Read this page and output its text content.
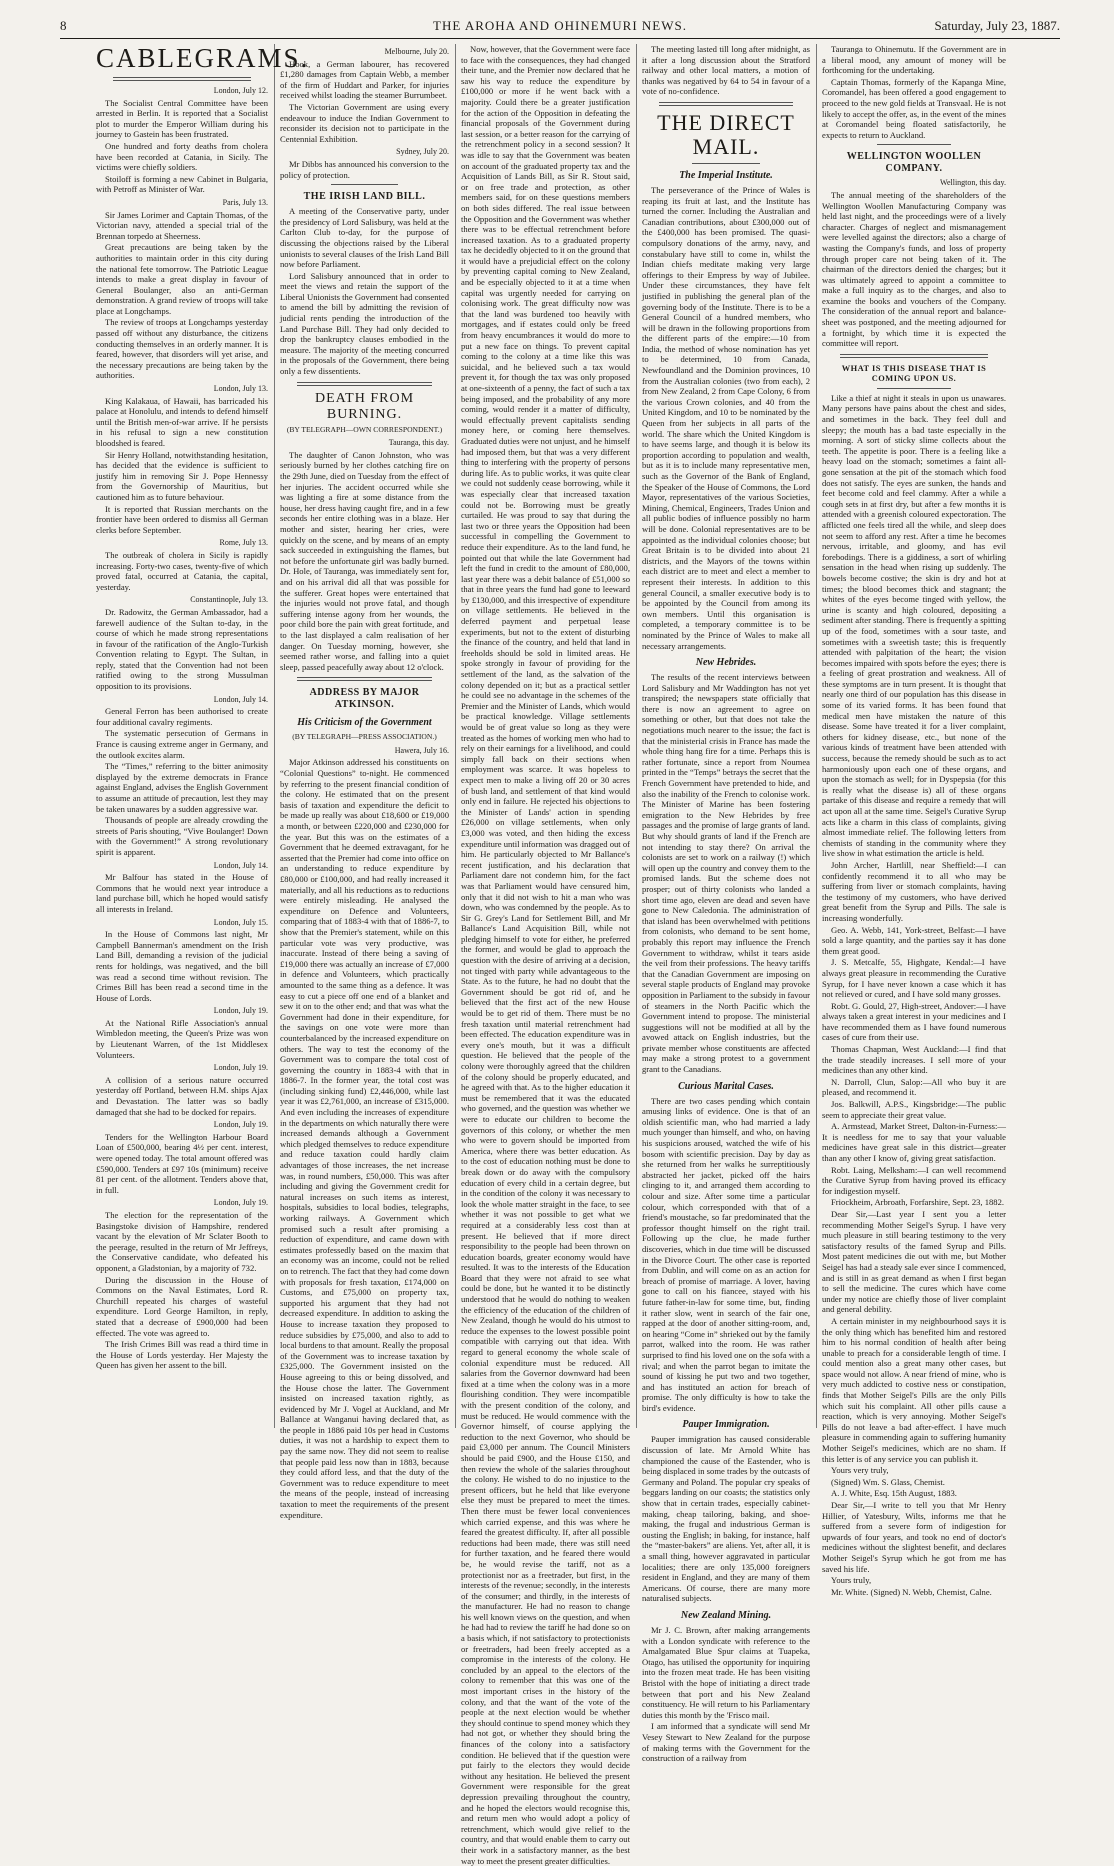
8	THE AROHA AND OHINEMURI NEWS.	Saturday, July 23, 1887.
CABLEGRAMS.
London, July 12.

The Socialist Central Committee have been arrested in Berlin. It is reported that a Socialist plot to murder the Emperor William during his journey to Gastein has been frustrated.

One hundred and forty deaths from cholera have been recorded at Catania, in Sicily. The victims were chiefly soldiers.

Stoiloff is forming a new Cabinet in Bulgaria, with Petroff as Minister of War.

Paris, July 13.

Sir James Lorimer and Captain Thomas, of the Victorian navy, attended a special trial of the Brennan torpedo at Sheerness.

Great precautions are being taken by the authorities to maintain order in this city during the national fete tomorrow. The Patriotic League intends to make a great display in favour of General Boulanger, also an anti-German demonstration. A grand review of troops will take place at Longchamps.

The review of troops at Longchamps yesterday passed off without any disturbance, the citizens conducting themselves in an orderly manner. It is feared, however, that disorders will yet arise, and the necessary precautions are being taken by the authorities.

London, July 13.

King Kalakaua, of Hawaii, has barricaded his palace at Honolulu, and intends to defend himself until the British men-of-war arrive. If he persists in his refusal to sign a new constitution bloodshed is feared.

Sir Henry Holland, notwithstanding hesitation, has decided that the evidence is sufficient to justify him in removing Sir J. Pope Hennessy from the Governorship of Mauritius, but cautioned him as to future behaviour.

It is reported that Russian merchants on the frontier have been ordered to dismiss all German clerks before September.

Rome, July 13.

The outbreak of cholera in Sicily is rapidly increasing. Forty-two cases, twenty-five of which proved fatal, occurred at Catania, the capital, yesterday.

Constantinople, July 13.

Dr. Radowitz, the German Ambassador, had a farewell audience of the Sultan to-day, in the course of which he made strong representations in favour of the ratification of the Anglo-Turkish Convention relating to Egypt. The Sultan, in reply, stated that the Convention had not been ratified owing to the strong Mussulman opposition to its provisions.

London, July 14.

General Ferron has been authorised to create four additional cavalry regiments.

The systematic persecution of Germans in France is causing extreme anger in Germany, and the outlook excites alarm.

The “Times,” referring to the bitter animosity displayed by the extreme democrats in France against England, advises the English Government to assume an attitude of precaution, lest they may be taken unawares by a sudden aggressive war.

Thousands of people are already crowding the streets of Paris shouting, “Vive Boulanger! Down with the Government!” A strong revolutionary spirit is apparent.

London, July 14.

Mr Balfour has stated in the House of Commons that he would next year introduce a land purchase bill, which he hoped would satisfy all interests in Ireland.

London, July 15.

In the House of Commons last night, Mr Campbell Bannerman's amendment on the Irish Land Bill, demanding a revision of the judicial rents for holdings, was negatived, and the bill was read a second time without revision. The Crimes Bill has been read a second time in the House of Lords.

London, July 19.

At the National Rifle Association's annual Wimbledon meeting, the Queen's Prize was won by Lieutenant Warren, of the 1st Middlesex Volunteers.

London, July 19.

A collision of a serious nature occurred yesterday off Portland, between H.M. ships Ajax and Devastation. The latter was so badly damaged that she had to be docked for repairs.

London, July 19.

Tenders for the Wellington Harbour Board Loan of £500,000, bearing 4½ per cent. interest, were opened today. The total amount offered was £590,000. Tenders at £97 10s (minimum) receive 81 per cent. of the allotment. Tenders above that, in full.

London, July 19.

The election for the representation of the Basingstoke division of Hampshire, rendered vacant by the elevation of Mr Sclater Booth to the peerage, resulted in the return of Mr Jeffreys, the Conservative candidate, who defeated his opponent, a Gladstonian, by a majority of 732.

During the discussion in the House of Commons on the Naval Estimates, Lord R. Churchill repeated his charges of wasteful expenditure. Lord George Hamilton, in reply, stated that a decrease of £900,000 had been effected. The vote was agreed to.

The Irish Crimes Bill was read a third time in the House of Lords yesterday. Her Majesty the Queen has given her assent to the bill.

Melbourne, July 20.

Hook, a German labourer, has recovered £1,280 damages from Captain Webb, a member of the firm of Huddart and Parker, for injuries received whilst loading the steamer Burrumbeet.

The Victorian Government are using every endeavour to induce the Indian Government to reconsider its decision not to participate in the Centennial Exhibition.

Sydney, July 20.

Mr Dibbs has announced his conversion to the policy of protection.

THE IRISH LAND BILL.

A meeting of the Conservative party, under the presidency of Lord Salisbury, was held at the Carlton Club to-day, for the purpose of discussing the objections raised by the Liberal unionists to several clauses of the Irish Land Bill now before Parliament.

Lord Salisbury announced that in order to meet the views and retain the support of the Liberal Unionists the Government had consented to amend the bill by admitting the revision of judicial rents pending the introduction of the Land Purchase Bill. They had only decided to drop the bankruptcy clauses embodied in the measure. The majority of the meeting concurred in the proposals of the Government, there being only a few dissentients.

DEATH FROM BURNING.
(BY TELEGRAPH—OWN CORRESPONDENT.)
Tauranga, this day.

The daughter of Canon Johnston, who was seriously burned by her clothes catching fire on the 29th June, died on Tuesday from the effect of her injuries. The accident occurred while she was lighting a fire at some distance from the house, her dress having caught fire, and in a few seconds her entire clothing was in a blaze. Her mother and sister, hearing her cries, were quickly on the scene, and by means of an empty sack succeeded in extinguishing the flames, but not before the unfortunate girl was badly burned. Dr. Hole, of Tauranga, was immediately sent for, and on his arrival did all that was possible for the sufferer. Great hopes were entertained that the injuries would not prove fatal, and though suffering intense agony from her wounds, the poor child bore the pain with great fortitude, and to the last displayed a calm realisation of her danger. On Tuesday morning, however, she seemed rather worse, and falling into a quiet sleep, passed peacefully away about 12 o'clock.

ADDRESS BY MAJOR ATKINSON.
His Criticism of the Government
(BY TELEGRAPH—PRESS ASSOCIATION.)
Hawera, July 16.

Major Atkinson addressed his constituents on “Colonial Questions” to-night. He commenced by referring to the present financial condition of the colony. He estimated that on the present basis of taxation and expenditure the deficit to be made up really was about £18,600 or £19,000 a month, or between £220,000 and £230,000 for the year. But this was on the estimates of a Government that he deemed extravagant, for he asserted that the Premier had come into office on an understanding to reduce expenditure by £80,000 or £100,000, and had really increased it materially, and all his reductions as to reductions were entirely misleading. He analysed the expenditure on Defence and Volunteers, comparing that of 1883-4 with that of 1886-7, to show that the Premier's statement, while on this particular vote was very productive, was inaccurate. Instead of there being a saving of £19,000 there was actually an increase of £7,000 in defence and Volunteers, which practically amounted to the same thing as a defence. It was easy to cut a piece off one end of a blanket and sew it on to the other end; and that was what the Government had done in their expenditure, for the savings on one vote were more than counterbalanced by the increased expenditure on others. The way to test the economy of the Government was to compare the total cost of governing the country in 1883-4 with that in 1886-7. In the former year, the total cost was (including sinking fund) £2,446,000, while last year it was £2,761,000, an increase of £315,000. And even including the increases of expenditure in the departments on which naturally there were increased demands although a Government which pledged themselves to reduce expenditure and reduce taxation could hardly claim advantages of those increases, the net increase was, in round numbers, £50,000. This was after including and giving the Government credit for natural increases on such items as interest, hospitals, subsidies to local bodies, telegraphs, working railways. A Government which promised such a result after promising a reduction of expenditure, and came down with estimates professedly based on the maxim that an economy was an income, could not be relied on to retrench. The fact that they had come down with proposals for fresh taxation, £174,000 on Customs, and £75,000 on property tax, supported his argument that they had not decreased expenditure. In addition to asking the House to increase taxation they proposed to reduce subsidies by £75,000, and also to add to local burdens to that amount. Really the proposal of the Government was to increase taxation by £325,000. The Government insisted on the House agreeing to this or being dissolved, and the House chose the latter. The Government insisted on increased taxation rightly, as evidenced by Mr J. Vogel at Auckland, and Mr Ballance at Wanganui having declared that, as the people in 1886 paid 10s per head in Customs duties, it was not a hardship to expect them to pay the same now. They did not seem to realise that people paid less now than in 1883, because they could afford less, and that the duty of the Government was to reduce expenditure to meet the means of the people, instead of increasing taxation to meet the requirements of the present expenditure.

Now, however, that the Government were face to face with the consequences, they had changed their tune, and the Premier now declared that he saw his way to reduce the expenditure by £100,000 or more if he went back with a majority. Could there be a greater justification for the action of the Opposition in defeating the financial proposals of the Government during last session, or a better reason for the carrying of the retrenchment policy in a second session? It was idle to say that the Government was beaten on account of the graduated property tax and the Acquisition of Lands Bill, as Sir R. Stout said, or on free trade and protection, as other members said, for on these questions members on both sides differed. The real issue between the Opposition and the Government was whether there was to be effectual retrenchment before increased taxation. As to a graduated property tax he decidedly objected to it on the ground that it would have a prejudicial effect on the colony by preventing capital coming to New Zealand, and be especially objected to it at a time when capital was urgently needed for carrying on colonising work. The great difficulty now was that the land was burdened too heavily with mortgages, and if estates could only be freed from heavy encumbrances it would do more to put a new face on things. To prevent capital coming to the colony at a time like this was suicidal, and he believed such a tax would prevent it, for though the tax was only proposed at one-sixteenth of a penny, the fact of such a tax being imposed, and the probability of any more coming, would render it a matter of difficulty, would effectually prevent capitalists sending money here, or coming here themselves. Graduated duties were not unjust, and he himself had imposed them, but that was a very different thing to interfering with the property of persons during life. As to public works, it was quite clear we could not suddenly cease borrowing, while it was especially clear that increased taxation could not be. Borrowing must be greatly curtailed. He was proud to say that during the last two or three years the Opposition had been successful in compelling the Government to reduce their expenditure. As to the land fund, he pointed out that while the late Government had left the fund in credit to the amount of £80,000, last year there was a debit balance of £51,000 so that in three years the fund had gone to leeward by £130,000, and this irrespective of expenditure on village settlements. He believed in the deferred payment and perpetual lease experiments, but not to the extent of disturbing the finance of the country, and held that land in freeholds should be sold in limited areas. He spoke strongly in favour of providing for the settlement of the land, as the salvation of the colony depended on it; but as a practical settler he could see no advantage in the schemes of the Premier and the Minister of Lands, which would be practical knowledge. Village settlements would be of great value so long as they were treated as the homes of working men who had to rely on their earnings for a livelihood, and could simply fall back on their sections when employment was scarce. It was hopeless to expect men to make a living off 20 or 30 acres of bush land, and settlement of that kind would only end in failure. He rejected his objections to the Minister of Lands' action in spending £26,000 on village settlements, when only £3,000 was voted, and then hiding the excess expenditure until information was dragged out of him. He particularly objected to Mr Ballance's recent justification, and his declaration that Parliament dare not condemn him, for the fact was that Parliament would have censured him, only that it did not wish to hit a man who was down, who was condemned by the people. As to Sir G. Grey's Land for Settlement Bill, and Mr Ballance's Land Acquisition Bill, while not pledging himself to vote for either, he preferred the former, and would be glad to approach the question with the desire of arriving at a decision, not tinged with party while advantageous to the State. As to the future, he had no doubt that the Government should be got rid of, and he believed that the first act of the new House would be to get rid of them. There must be no fresh taxation until material retrenchment had been effected. The education expenditure was in every one's mouth, but it was a difficult question. He believed that the people of the colony were thoroughly agreed that the children of the colony should be properly educated, and he agreed with that. As to the higher education it must be remembered that it was the educated who governed, and the question was whether we were to educate our children to become the governors of this colony, or whether the men who were to govern should be imported from America, where there was better education. As to the cost of education nothing must be done to break down or do away with the compulsory education of every child in a certain degree, but in the condition of the colony it was necessary to look the whole matter straight in the face, to see whether it was not possible to get what we required at a considerably less cost than at present. He believed that if more direct responsibility to the people had been thrown on education boards, greater economy would have resulted. It was to the interests of the Education Board that they were not afraid to see what could be done, but he wanted it to be distinctly understood that he would do nothing to weaken the efficiency of the education of the children of New Zealand, though he would do his utmost to reduce the expenses to the lowest possible point compatible with carrying out that idea. With regard to general economy the whole scale of colonial expenditure must be reduced. All salaries from the Governor downward had been fixed at a time when the colony was in a more flourishing condition. They were incompatible with the present condition of the colony, and must be reduced. He would commence with the Governor himself, of course applying the reduction to the next Governor, who should be paid £3,000 per annum. The Council Ministers should be paid £900, and the House £150, and then review the whole of the salaries throughout the colony. He wished to do no injustice to the present officers, but he held that like everyone else they must be prepared to meet the times. Then there must be fewer local conveniences which carried expense, and this was where he feared the greatest difficulty. If, after all possible reductions had been made, there was still need for further taxation, and he feared there would be, he would revise the tariff, not as a protectionist nor as a freetrader, but first, in the interests of the revenue; secondly, in the interests of the consumer; and thirdly, in the interests of the manufacturer. He had no reason to change his well known views on the question, and when he had had to review the tariff he had done so on a basis which, if not satisfactory to protectionists or freetraders, had been freely accepted as a compromise in the interests of the colony. He concluded by an appeal to the electors of the colony to remember that this was one of the most important crises in the history of the colony, and that the want of the vote of the people at the next election would be whether they should continue to spend money which they had not got, or whether they should bring the finances of the colony into a satisfactory condition. He believed that if the question were put fairly to the electors they would decide without any hesitation. He believed the present Government were responsible for the great depression prevailing throughout the country, and he hoped the electors would recognise this, and return men who would adopt a policy of retrenchment, which would give relief to the country, and that would enable them to carry out their work in a satisfactory manner, as the best way to meet the present greater difficulties.

The meeting lasted till long after midnight, as it after a long discussion about the Stratford railway and other local matters, a motion of thanks was negatived by 64 to 54 in favour of a vote of no-confidence.

THE DIRECT MAIL.
The Imperial Institute.

The perseverance of the Prince of Wales is reaping its fruit at last, and the Institute has turned the corner. Including the Australian and Canadian contributions, about £300,000 out of the £400,000 has been promised. The quasi-compulsory donations of the army, navy, and constabulary have still to come in, whilst the Indian chiefs meditate making very large offerings to their Empress by way of Jubilee. Under these circumstances, they have felt justified in publishing the general plan of the governing body of the Institute. There is to be a General Council of a hundred members, who will be drawn in the following proportions from the different parts of the empire:—10 from India, the method of whose nomination has yet to be determined, 10 from Canada, Newfoundland and the Dominion provinces, 10 from the Australian colonies (two from each), 2 from New Zealand, 2 from Cape Colony, 6 from the various Crown colonies, and 40 from the United Kingdom, and 10 to be nominated by the Queen from her subjects in all parts of the world. The share which the United Kingdom is to have seems large, and though it is below its proportion according to population and wealth, but as it is to include many representative men, such as the Governor of the Bank of England, the Speaker of the House of Commons, the Lord Mayor, representatives of the various Societies, Mining, Chemical, Engineers, Trades Union and all public bodies of influence possibly no harm will be done. Colonial representatives are to be appointed as the individual colonies choose; but Great Britain is to be divided into about 21 districts, and the Mayors of the towns within each district are to meet and elect a member to represent their interests. In addition to this general Council, a smaller executive body is to be appointed by the Council from among its own members. Until this organisation is completed, a temporary committee is to be nominated by the Prince of Wales to make all necessary arrangements.

New Hebrides.

The results of the recent interviews between Lord Salisbury and Mr Waddington has not yet transpired; the newspapers state officially that there is now an agreement to agree on something or other, but that does not take the negotiations much nearer to the issue; the fact is that the ministerial crisis in France has made the whole thing hang fire for a time. Perhaps this is rather fortunate, since a report from Noumea printed in the “Temps” betrays the secret that the French Government have pretended to hide, and also the inability of the French to colonise work. The Minister of Marine has been fostering emigration to the New Hebrides by free passages and the promise of large grants of land. But why should grants of land if the French are not intending to stay there? On arrival the colonists are set to work on a railway (!) which will open up the country and convey them to the promised lands. But the scheme does not prosper; out of thirty colonists who landed a short time ago, eleven are dead and seven have gone to New Caledonia. The administration of that island has been overwhelmed with petitions from colonists, who demand to be sent home, probably this report may influence the French Government to withdraw, whilst it tears aside the veil from their professions. The heavy tariffs that the Canadian Government are imposing on several staple products of England may provoke opposition in Parliament to the subsidy in favour of steamers in the North Pacific which the Government intend to propose. The ministerial suggestions will not be modified at all by the avowed attack on English industries, but the private member whose constituents are affected may make a strong protest to a government grant to the Canadians.

Curious Marital Cases.

There are two cases pending which contain amusing links of evidence. One is that of an oldish scientific man, who had married a lady much younger than himself, and who, on having his suspicions aroused, watched the wife of his bosom with scientific precision. Day by day as she returned from her walks he surreptitiously abstracted her jacket, picked off the hairs clinging to it, and arranged them according to colour and size. After some time a particular colour, which corresponded with that of a friend's moustache, so far predominated that the professor thought himself on the right trail. Following up the clue, he made further discoveries, which in due time will be discussed in the Divorce Court. The other case is reported from Dublin, and will come on as an action for breach of promise of marriage. A lover, having gone to call on his fiancee, stayed with his future father-in-law for some time, but, finding it rather slow, went in search of the fair one, rapped at the door of another sitting-room, and, on hearing “Come in” shrieked out by the family parrot, walked into the room. He was rather surprised to find his loved one on the sofa with a rival; and when the parrot began to imitate the sound of kissing he put two and two together, and has instituted an action for breach of promise. The only difficulty is how to take the bird's evidence.

Pauper Immigration.

Pauper immigration has caused considerable discussion of late. Mr Arnold White has championed the cause of the Eastender, who is being displaced in some trades by the outcasts of Germany and Poland. The popular cry speaks of beggars landing on our coasts; the statistics only show that in certain trades, especially cabinet-making, cheap tailoring, baking, and shoe-making, the frugal and industrious German is ousting the English; in baking, for instance, half the “master-bakers” are aliens. Yet, after all, it is a small thing, however aggravated in particular localities; there are only 135,000 foreigners resident in England, and they are many of them Americans. Of course, there are many more naturalised subjects.

New Zealand Mining.

Mr J. C. Brown, after making arrangements with a London syndicate with reference to the Amalgamated Blue Spur claims at Tuapeka, Otago, has utilised the opportunity for inquiring into the frozen meat trade. He has been visiting Bristol with the hope of initiating a direct trade between that port and his New Zealand constituency. He will return to his Parliamentary duties this month by the 'Frisco mail.

I am informed that a syndicate will send Mr Vesey Stewart to New Zealand for the purpose of making terms with the Government for the construction of a railway from

Tauranga to Ohinemutu. If the Government are in a liberal mood, any amount of money will be forthcoming for the undertaking.

Captain Thomas, formerly of the Kapanga Mine, Coromandel, has been offered a good engagement to proceed to the new gold fields at Transvaal. He is not likely to accept the offer, as, in the event of the mines at Coromandel being floated satisfactorily, he expects to return to Auckland.

WELLINGTON WOOLLEN COMPANY.
Wellington, this day.

The annual meeting of the shareholders of the Wellington Woollen Manufacturing Company was held last night, and the proceedings were of a lively character. Charges of neglect and mismanagement were levelled against the directors; also a charge of wasting the Company's funds, and loss of property through proper care not being taken of it. The chairman of the directors denied the charges; but it was ultimately agreed to appoint a committee to make a full inquiry as to the charges, and also to examine the books and vouchers of the Company. The consideration of the annual report and balance-sheet was postponed, and the meeting adjourned for a fortnight, by which time it is expected the committee will report.

WHAT IS THIS DISEASE THAT IS COMING UPON US.

Like a thief at night it steals in upon us unawares. Many persons have pains about the chest and sides, and sometimes in the back. They feel dull and sleepy; the mouth has a bad taste especially in the morning. A sort of sticky slime collects about the teeth. The appetite is poor. There is a feeling like a heavy load on the stomach; sometimes a faint all-gone sensation at the pit of the stomach which food does not satisfy. The eyes are sunken, the hands and feet become cold and feel clammy. After a while a cough sets in at first dry, but after a few months it is attended with a greenish coloured expectoration. The afflicted one feels tired all the while, and sleep does not seem to afford any rest. After a time he becomes nervous, irritable, and gloomy, and has evil forebodings. There is a giddiness, a sort of whirling sensation in the head when rising up suddenly. The bowels become costive; the skin is dry and hot at times; the blood becomes thick and stagnant; the whites of the eyes become tinged with yellow, the urine is scanty and high coloured, depositing a sediment after standing. There is frequently a spitting up of the food, sometimes with a sour taste, and sometimes with a sweetish taste; this is frequently attended with palpitation of the heart; the vision becomes impaired with spots before the eyes; there is a feeling of great prostration and weakness. All of these symptoms are in turn present. It is thought that nearly one third of our population has this disease in some of its varied forms. It has been found that medical men have mistaken the nature of this disease. Some have treated it for a liver complaint, others for kidney disease, etc., but none of the various kinds of treatment have been attended with success, because the remedy should be such as to act harmoniously upon each one of these organs, and upon the stomach as well; for in Dyspepsia (for this is really what the disease is) all of these organs partake of this disease and require a remedy that will act upon all at the same time. Seigel's Curative Syrup acts like a charm in this class of complaints, giving almost immediate relief. The following letters from chemists of standing in the community where they live show in what estimation the article is held.

John Archer, Hartlill, near Sheffield:—I can confidently recommend it to all who may be suffering from liver or stomach complaints, having the testimony of my customers, who have derived great benefit from the Syrup and Pills. The sale is increasing wonderfully.

Geo. A. Webb, 141, York-street, Belfast:—I have sold a large quantity, and the parties say it has done them great good.

J. S. Metcalfe, 55, Highgate, Kendal:—I have always great pleasure in recommending the Curative Syrup, for I have never known a case which it has not relieved or cured, and I have sold many grosses.

Robt. G. Gould, 27, High-street, Andover:—I have always taken a great interest in your medicines and I have recommended them as I have found numerous cases of cure from their use.

Thomas Chapman, West Auckland:—I find that the trade steadily increases. I sell more of your medicines than any other kind.

N. Darroll, Clun, Salop:—All who buy it are pleased, and recommend it.

Jos. Balkwill, A.P.S., Kingsbridge:—The public seem to appreciate their great value.

A. Armstead, Market Street, Dalton-in-Furness:—It is needless for me to say that your valuable medicines have great sale in this district—greater than any other I know of, giving great satisfaction.

Robt. Laing, Melksham:—I can well recommend the Curative Syrup from having proved its efficacy for indigestion myself.

Friockheim, Arbroath, Forfarshire, Sept. 23, 1882.

Dear Sir,—Last year I sent you a letter recommending Mother Seigel's Syrup. I have very much pleasure in still bearing testimony to the very satisfactory results of the famed Syrup and Pills. Most patent medicines die out with me, but Mother Seigel has had a steady sale ever since I commenced, and is still in as great demand as when I first began to sell the medicine. The cures which have come under my notice are chiefly those of liver complaint and general debility.

A certain minister in my neighbourhood says it is the only thing which has benefited him and restored him to his normal condition of health after being unable to preach for a considerable length of time. I could mention also a great many other cases, but space would not allow. A near friend of mine, who is very much addicted to costive ness or constipation, finds that Mother Seigel's Pills are the only Pills which suit his complaint. All other pills cause a reaction, which is very annoying. Mother Seigel's Pills do not leave a bad after-effect. I have much pleasure in commending again to suffering humanity Mother Seigel's medicines, which are no sham. If this letter is of any service you can publish it.

Yours very truly,

(Signed) Wm. S. Glass, Chemist.

A. J. White, Esq. 15th August, 1883.

Dear Sir,—I write to tell you that Mr Henry Hillier, of Yatesbury, Wilts, informs me that he suffered from a severe form of indigestion for upwards of four years, and took no end of doctor's medicines without the slightest benefit, and declares Mother Seigel's Syrup which he got from me has saved his life.

Yours truly,

Mr. White. (Signed) N. Webb, Chemist, Calne.
